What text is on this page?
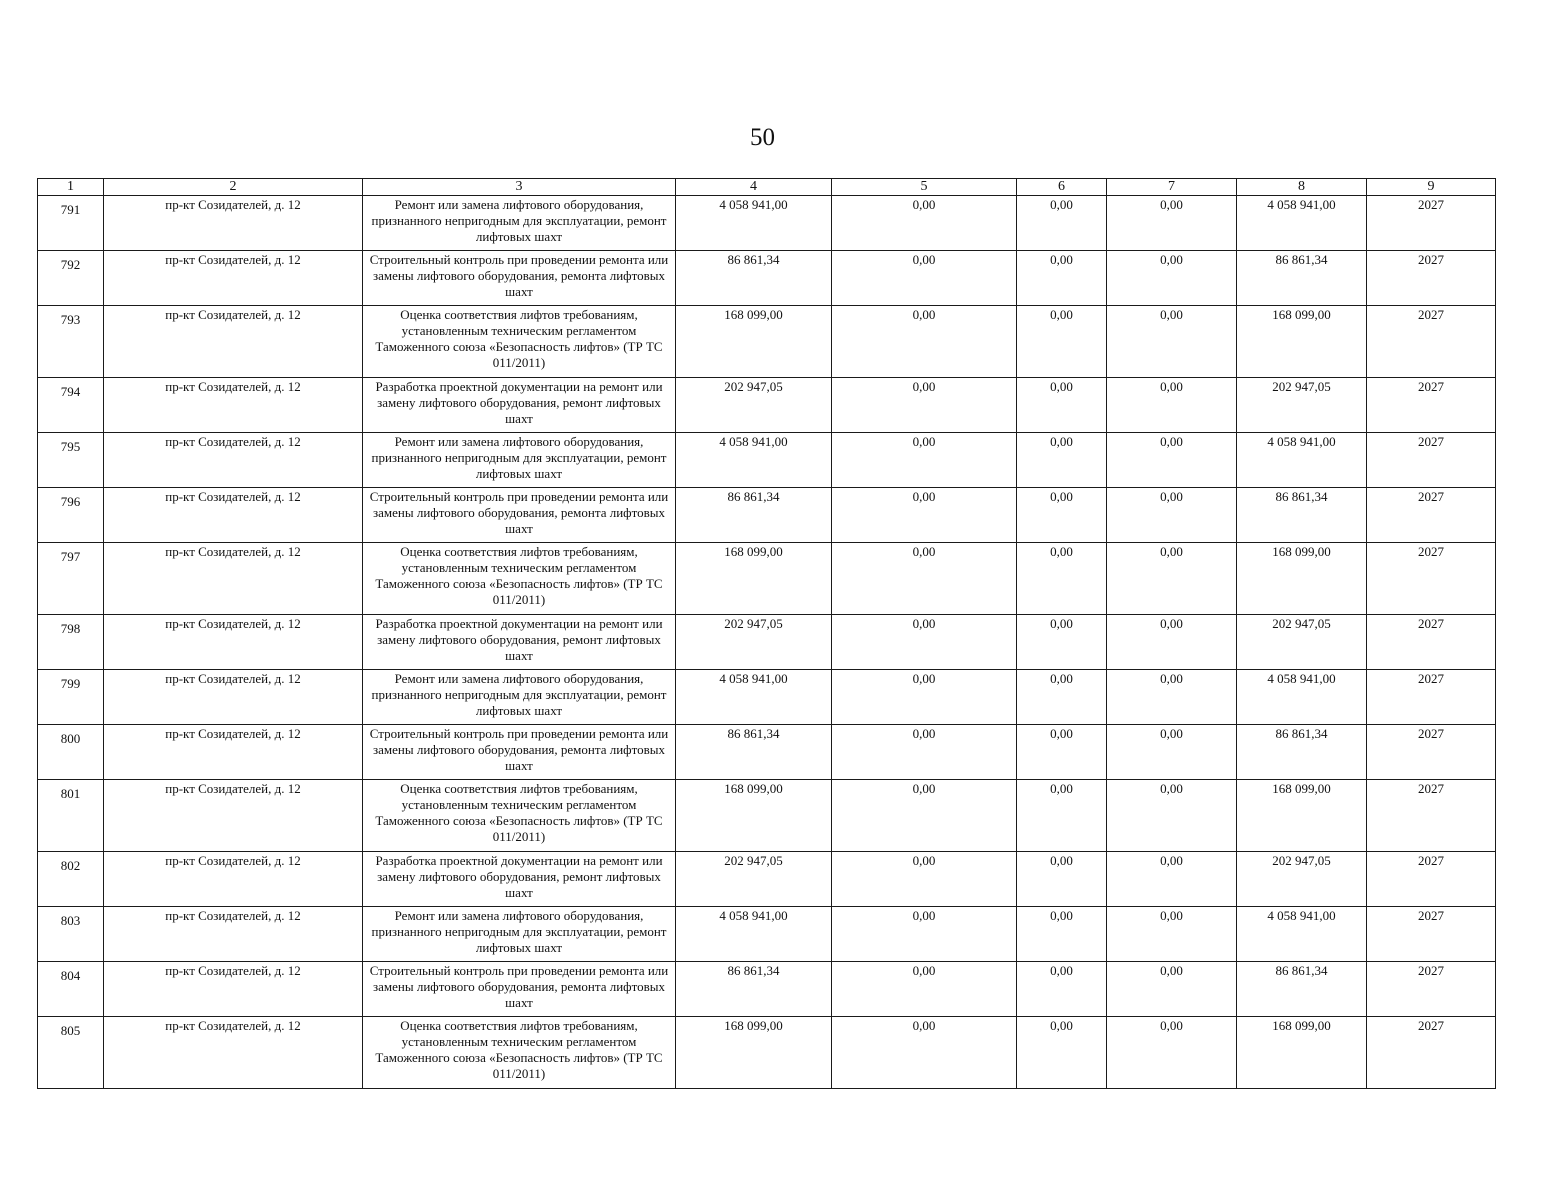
50
1	2	3	4	5	6	7	8	9
791	пр-кт Созидателей, д. 12	Ремонт или замена лифтового оборудования, признанного непригодным для эксплуатации, ремонт лифтовых шахт	4 058 941,00	0,00	0,00	0,00	4 058 941,00	2027
792	пр-кт Созидателей, д. 12	Строительный контроль при проведении ремонта или замены лифтового оборудования, ремонта лифтовых шахт	86 861,34	0,00	0,00	0,00	86 861,34	2027
793	пр-кт Созидателей, д. 12	Оценка соответствия лифтов требованиям, установленным техническим регламентом Таможенного союза «Безопасность лифтов» (ТР ТС 011/2011)	168 099,00	0,00	0,00	0,00	168 099,00	2027
794	пр-кт Созидателей, д. 12	Разработка проектной документации на ремонт или замену лифтового оборудования, ремонт лифтовых шахт	202 947,05	0,00	0,00	0,00	202 947,05	2027
795	пр-кт Созидателей, д. 12	Ремонт или замена лифтового оборудования, признанного непригодным для эксплуатации, ремонт лифтовых шахт	4 058 941,00	0,00	0,00	0,00	4 058 941,00	2027
796	пр-кт Созидателей, д. 12	Строительный контроль при проведении ремонта или замены лифтового оборудования, ремонта лифтовых шахт	86 861,34	0,00	0,00	0,00	86 861,34	2027
797	пр-кт Созидателей, д. 12	Оценка соответствия лифтов требованиям, установленным техническим регламентом Таможенного союза «Безопасность лифтов» (ТР ТС 011/2011)	168 099,00	0,00	0,00	0,00	168 099,00	2027
798	пр-кт Созидателей, д. 12	Разработка проектной документации на ремонт или замену лифтового оборудования, ремонт лифтовых шахт	202 947,05	0,00	0,00	0,00	202 947,05	2027
799	пр-кт Созидателей, д. 12	Ремонт или замена лифтового оборудования, признанного непригодным для эксплуатации, ремонт лифтовых шахт	4 058 941,00	0,00	0,00	0,00	4 058 941,00	2027
800	пр-кт Созидателей, д. 12	Строительный контроль при проведении ремонта или замены лифтового оборудования, ремонта лифтовых шахт	86 861,34	0,00	0,00	0,00	86 861,34	2027
801	пр-кт Созидателей, д. 12	Оценка соответствия лифтов требованиям, установленным техническим регламентом Таможенного союза «Безопасность лифтов» (ТР ТС 011/2011)	168 099,00	0,00	0,00	0,00	168 099,00	2027
802	пр-кт Созидателей, д. 12	Разработка проектной документации на ремонт или замену лифтового оборудования, ремонт лифтовых шахт	202 947,05	0,00	0,00	0,00	202 947,05	2027
803	пр-кт Созидателей, д. 12	Ремонт или замена лифтового оборудования, признанного непригодным для эксплуатации, ремонт лифтовых шахт	4 058 941,00	0,00	0,00	0,00	4 058 941,00	2027
804	пр-кт Созидателей, д. 12	Строительный контроль при проведении ремонта или замены лифтового оборудования, ремонта лифтовых шахт	86 861,34	0,00	0,00	0,00	86 861,34	2027
805	пр-кт Созидателей, д. 12	Оценка соответствия лифтов требованиям, установленным техническим регламентом Таможенного союза «Безопасность лифтов» (ТР ТС 011/2011)	168 099,00	0,00	0,00	0,00	168 099,00	2027
